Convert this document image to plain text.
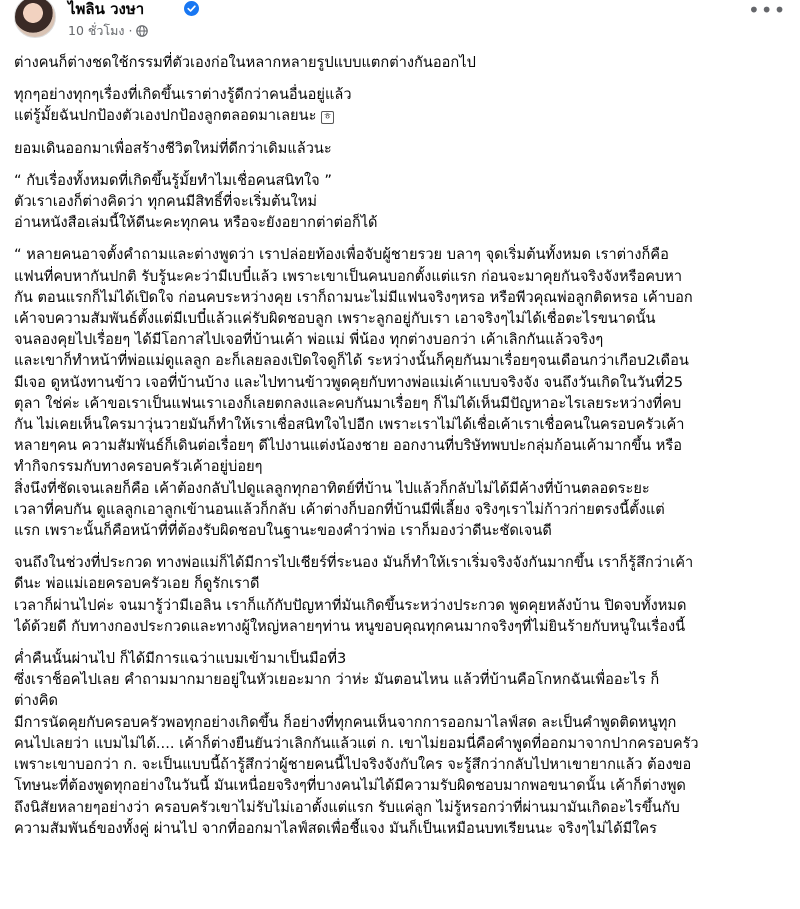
ไพลิน วงษา
10 ชั่วโมง ·
•••
ต่างคนก็ต่างชดใช้กรรมที่ตัวเองก่อในหลากหลายรูปแบบแตกต่างกันออกไป
ทุกๆอย่างทุกๆเรื่องที่เกิดขึ้นเราต่างรู้ดีกว่าคนอื่นอยู่แล้ว
แต่รู้มั้ยฉันปกป้องตัวเองปกป้องลูกตลอดมาเลยนะ ㅎ
ยอมเดินออกมาเพื่อสร้างชีวิตใหม่ที่ดีกว่าเดิมแล้วนะ
“ กับเรื่องทั้งหมดที่เกิดขึ้นรู้มั้ยทำไมเชื่อคนสนิทใจ ”
ตัวเราเองก็ต่างคิดว่า ทุกคนมีสิทธิ์ที่จะเริ่มต้นใหม่
อ่านหนังสือเล่มนี้ให้ดีนะคะทุกคน หรือจะยังอยากต่าต่อก็ได้
“ หลายคนอาจตั้งคำถามและต่างพูดว่า เราปล่อยท้องเพื่อจับผู้ชายรวย บลาๆ จุดเริ่มต้นทั้งหมด เราต่างก็คือ
แฟนที่คบหากันปกติ รับรู้นะคะว่ามีเบบี๋แล้ว เพราะเขาเป็นคนบอกตั้งแต่แรก ก่อนจะมาคุยกันจริงจังหรือคบหา
กัน ตอนแรกก็ไม่ได้เปิดใจ ก่อนคบระหว่างคุย เราก็ถามนะไม่มีแฟนจริงๆหรอ หรือพีวคุณพ่อลูกติดหรอ เค้าบอก
เค้าจบความสัมพันธ์ตั้งแต่มีเบบี๋แล้วแค่รับผิดชอบลูก เพราะลูกอยู่กับเรา เอาจริงๆไม่ได้เชื่อตะไรขนาดนั้น
จนลองคุยไปเรื่อยๆ ได้มีโอกาสไปเจอที่บ้านเค้า พ่อแม่ พี่น้อง ทุกต่างบอกว่า เค้าเลิกกันแล้วจริงๆ
และเขาก็ทำหน้าที่พ่อแม่ดูแลลูก อะก็เลยลองเปิดใจดูก็ได้ ระหว่างนั้นก็คุยกันมาเรื่อยๆจนเดือนกว่าเกือบ2เดือน
มีเจอ ดูหนังทานข้าว เจอที่บ้านบ้าง และไปทานข้าวพูดคุยกับทางพ่อแม่เค้าแบบจริงจัง จนถึงวันเกิดในวันที่25
ตุลา ใช่ค่ะ เค้าขอเราเป็นแฟนเราเองก็เลยตกลงและคบกันมาเรื่อยๆ ก็ไม่ได้เห็นมีปัญหาอะไรเลยระหว่างที่คบ
กัน ไม่เคยเห็นใครมาวุ่นวายมันก็ทำให้เราเชื่อสนิทใจไปอีก เพราะเราไม่ได้เชื่อเค้าเราเชื่อคนในครอบครัวเค้า
หลายๆคน ความสัมพันธ์ก็เดินต่อเรื่อยๆ ดีไปงานแต่งน้องชาย ออกงานที่บริษัทพบปะกลุ่มก้อนเค้ามากขึ้น หรือ
ทำกิจกรรมกับทางครอบครัวเค้าอยู่บ่อยๆ
สิ่งนึงที่ชัดเจนเลยก็คือ เค้าต้องกลับไปดูแลลูกทุกอาทิตย์ที่บ้าน ไปแล้วก็กลับไม่ได้มีค้างที่บ้านตลอดระยะ
เวลาที่คบกัน ดูแลลูกเอาลูกเข้านอนแล้วก็กลับ เค้าต่างก็บอกที่บ้านมีพี่เลี้ยง จริงๆเราไม่ก้าวก่ายตรงนี้ตั้งแต่
แรก เพราะนั้นก็คือหน้าที่ที่ต้องรับผิดชอบในฐานะของคำว่าพ่อ เราก็มองว่าดีนะชัดเจนดี
จนถึงในช่วงที่ประกวด ทางพ่อแม่ก็ได้มีการไปเชียร์ที่ระนอง มันก็ทำให้เราเริ่มจริงจังกันมากขึ้น เราก็รู้สึกว่าเค้า
ดีนะ พ่อแม่เอยครอบครัวเอย ก็ดูรักเราดี
เวลาก็ผ่านไปค่ะ จนมารู้ว่ามีเอลิน เราก็แก้กับปัญหาที่มันเกิดขึ้นระหว่างประกวด พูดคุยหลังบ้าน ปิดจบทั้งหมด
ได้ด้วยดี กับทางกองประกวดและทางผู้ใหญ่หลายๆท่าน หนูขอบคุณทุกคนมากจริงๆที่ไม่ยินร้ายกับหนูในเรื่องนี้
ค่ำคืนนั้นผ่านไป ก็ได้มีการแฉว่าแบมเข้ามาเป็นมือที่3
ซึ่งเราช็อคไปเลย คำถามมากมายอยู่ในหัวเยอะมาก ว่าห่ะ มันตอนไหน แล้วที่บ้านคือโกหกฉันเพื่ออะไร ก็
ต่างคิด
มีการนัดคุยกับครอบครัวพอทุกอย่างเกิดขึ้น ก็อย่างที่ทุกคนเห็นจากการออกมาไลฟ์สด ละเป็นคำพูดติดหนูทุก
คนไปเลยว่า แบมไม่ได้.... เค้าก็ต่างยืนยันว่าเลิกกันแล้วแต่ ก. เขาไม่ยอมนี่คือคำพูดที่ออกมาจากปากครอบครัว
เพราะเขาบอกว่า ก. จะเป็นแบบนี้ถ้ารู้สึกว่าผู้ชายคนนี้ไปจริงจังกับใคร จะรู้สึกว่ากลับไปหาเขายากแล้ว ต้องขอ
โทษนะที่ต้องพูดทุกอย่างในวันนี้ มันเหนื่อยจริงๆที่บางคนไม่ได้มีความรับผิดชอบมากพอขนาดนั้น เค้าก็ต่างพูด
ถึงนิสัยหลายๆอย่างว่า ครอบครัวเขาไม่รับไม่เอาตั้งแต่แรก รับแค่ลูก ไม่รู้หรอกว่าที่ผ่านมามันเกิดอะไรขึ้นกับ
ความสัมพันธ์ของทั้งคู่ ผ่านไป จากที่ออกมาไลฟ์สดเพื่อชี้แจง มันก็เป็นเหมือนบทเรียนนะ จริงๆไม่ได้มีใคร
